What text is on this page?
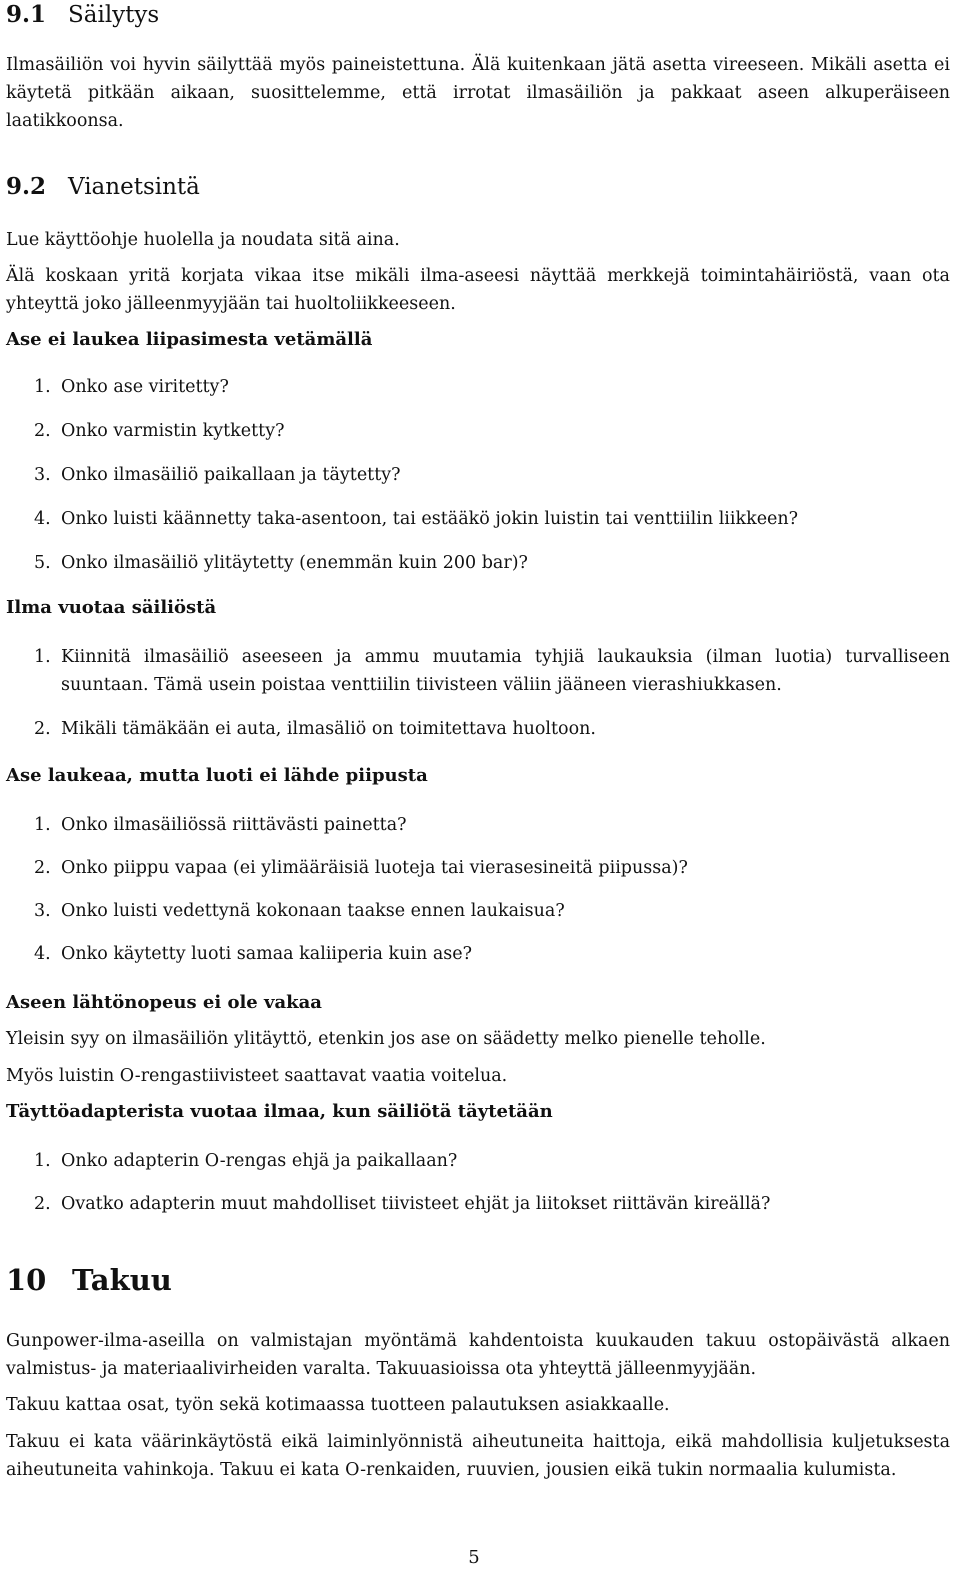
9.1 Säilytys

Ilmasäiliön voi hyvin säilyttää myös paineistettuna. Älä kuitenkaan jätä asetta vireeseen. Mikäli asetta ei käytetä pitkään aikaan, suosittelemme, että irrotat ilmasäiliön ja pakkaat aseen alkuperäiseen laatikkoonsa.

9.2 Vianetsintä

Lue käyttöohje huolella ja noudata sitä aina.

Älä koskaan yritä korjata vikaa itse mikäli ilma-aseesi näyttää merkkejä toimintahäiriöstä, vaan ota yhteyttä joko jälleenmyyjään tai huoltoliikkeeseen.

Ase ei laukea liipasimesta vetämällä
1. Onko ase viritetty?
2. Onko varmistin kytketty?
3. Onko ilmasäiliö paikallaan ja täytetty?
4. Onko luisti käännetty taka-asentoon, tai estääkö jokin luistin tai venttiilin liikkeen?
5. Onko ilmasäiliö ylitäytetty (enemmän kuin 200 bar)?
Ilma vuotaa säiliöstä
1. Kiinnitä ilmasäiliö aseeseen ja ammu muutamia tyhjiä laukauksia (ilman luotia) turvalliseen suuntaan. Tämä usein poistaa venttiilin tiivisteen väliin jääneen vierashiukkasen.
2. Mikäli tämäkään ei auta, ilmasäliö on toimitettava huoltoon.
Ase laukeaa, mutta luoti ei lähde piipusta
1. Onko ilmasäiliössä riittävästi painetta?
2. Onko piippu vapaa (ei ylimääräisiä luoteja tai vierasesineitä piipussa)?
3. Onko luisti vedettynä kokonaan taakse ennen laukaisua?
4. Onko käytetty luoti samaa kaliiperia kuin ase?
Aseen lähtönopeus ei ole vakaa

Yleisin syy on ilmasäiliön ylitäyttö, etenkin jos ase on säädetty melko pienelle teholle.

Myös luistin O-rengastiivisteet saattavat vaatia voitelua.

Täyttöadapterista vuotaa ilmaa, kun säiliötä täytetään
1. Onko adapterin O-rengas ehjä ja paikallaan?
2. Ovatko adapterin muut mahdolliset tiivisteet ehjät ja liitokset riittävän kireällä?
10 Takuu

Gunpower-ilma-aseilla on valmistajan myöntämä kahdentoista kuukauden takuu ostopäivästä alkaen valmistus- ja materiaalivirheiden varalta. Takuuasioissa ota yhteyttä jälleenmyyjään.

Takuu kattaa osat, työn sekä kotimaassa tuotteen palautuksen asiakkaalle.

Takuu ei kata väärinkäytöstä eikä laiminlyönnistä aiheutuneita haittoja, eikä mahdollisia kuljetuksesta aiheutuneita vahinkoja. Takuu ei kata O-renkaiden, ruuvien, jousien eikä tukin normaalia kulumista.

5
